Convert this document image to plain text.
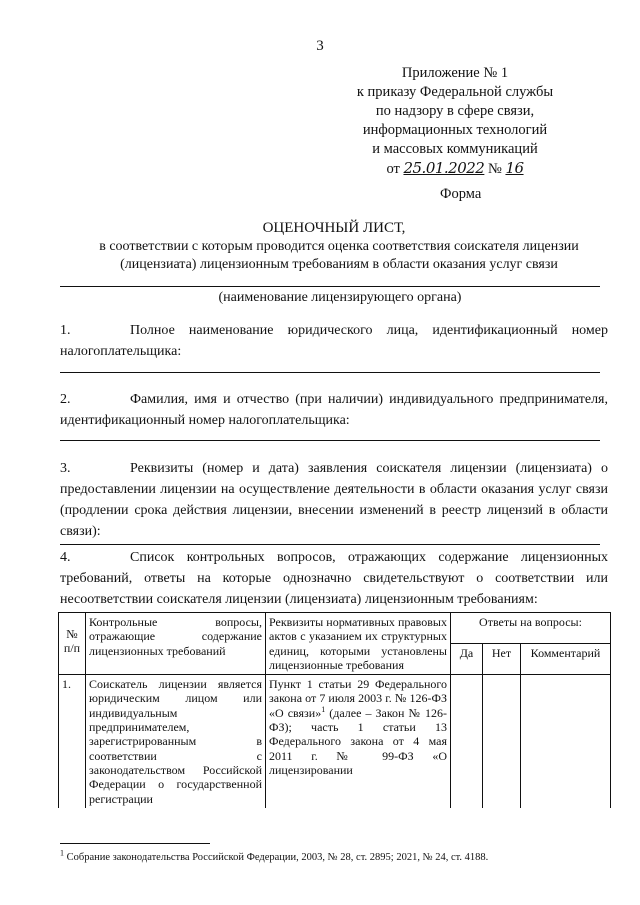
3
Приложение № 1
к приказу Федеральной службы
по надзору в сфере связи,
информационных технологий
и массовых коммуникаций
от 25.01.2022 № 16
Форма
ОЦЕНОЧНЫЙ ЛИСТ,
в соответствии с которым проводится оценка соответствия соискателя лицензии (лицензиата) лицензионным требованиям в области оказания услуг связи
(наименование лицензирующего органа)
1.	Полное наименование юридического лица, идентификационный номер налогоплательщика:
2.	Фамилия, имя и отчество (при наличии) индивидуального предпринимателя, идентификационный номер налогоплательщика:
3.	Реквизиты (номер и дата) заявления соискателя лицензии (лицензиата) о предоставлении лицензии на осуществление деятельности в области оказания услуг связи (продлении срока действия лицензии, внесении изменений в реестр лицензий в области связи):
4.	Список контрольных вопросов, отражающих содержание лицензионных требований, ответы на которые однозначно свидетельствуют о соответствии или несоответствии соискателя лицензии (лицензиата) лицензионным требованиям:
№ п/п	Контрольные вопросы, отражающие содержание лицензионных требований	Реквизиты нормативных правовых актов с указанием их структурных единиц, которыми установлены лицензионные требования	Ответы на вопросы:		
			Да	Нет	Комментарий
1.	Соискатель лицензии является юридическим лицом или индивидуальным предпринимателем, зарегистрированным в соответствии с законодательством Российской Федерации о государственной регистрации	Пункт 1 статьи 29 Федерального закона от 7 июля 2003 г. № 126-ФЗ «О связи»$^1$ (далее – Закон № 126-ФЗ); часть 1 статьи 13 Федерального закона от 4 мая 2011 г. № 99-ФЗ «О лицензировании			
$^1$ Собрание законодательства Российской Федерации, 2003, № 28, ст. 2895; 2021, № 24, ст. 4188.
